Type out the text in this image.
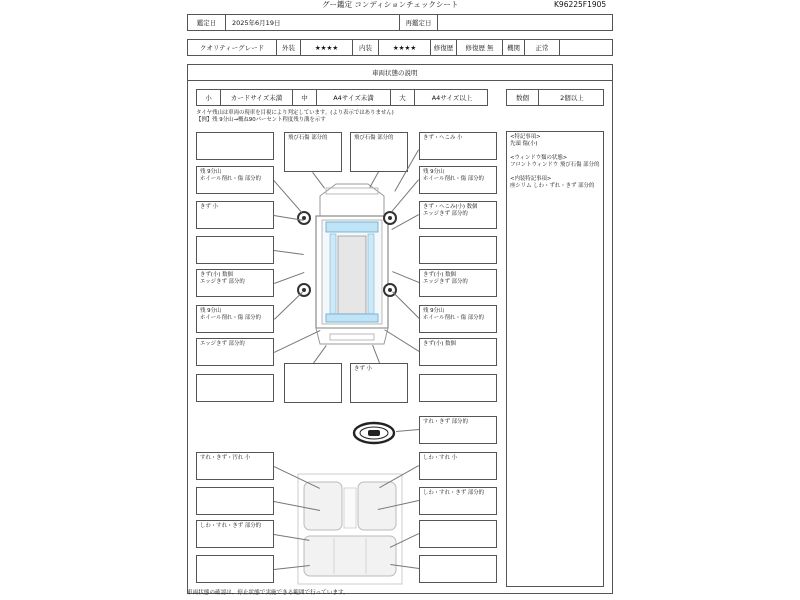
グー鑑定 コンディションチェックシート	K96225F1905
鑑定日	2025年6月19日	再鑑定日
クオリティーグレード	外装	★★★★	内装	★★★★	修復歴	修復歴 無	機関	正常
車両状態の説明
小	カードサイズ未満	中	A4サイズ未満	大	A4サイズ以上	数個	2個以上
タイヤ残山は車両の現車を目視により判定しています。(より表示ではありません)
【例】残 9分山→概ね90パーセント程度残り溝を示す
<特記事項>
先頭 傷(小)
<ウィンドウ類の状態>
フロントウィンドウ 飛び石傷 部分的
<内装特記事項>
座シリム しわ・ずれ・きず 部分的
飛び石傷 部分的	飛び石傷 部分的	きず・へこみ 小
残 9分山
ホイール削れ・傷 部分的
残 9分山
ホイール削れ・傷 部分的
きず 小	きず・へこみ(小) 数個
エッジきず 部分的
きず(小) 数個
エッジきず 部分的
きず(小) 数個
エッジきず 部分的
残 9分山
ホイール削れ・傷 部分的
残 9分山
ホイール削れ・傷 部分的
エッジきず 部分的	きず(小) 数個
きず 小
すれ・きず 部分的
すれ・きず・汚れ 小	しわ・すれ 小
しわ・すれ・きず 部分的
しわ・すれ・きず 部分的
車両状態の確認は、停止状態で実施できる範囲で行っています。
